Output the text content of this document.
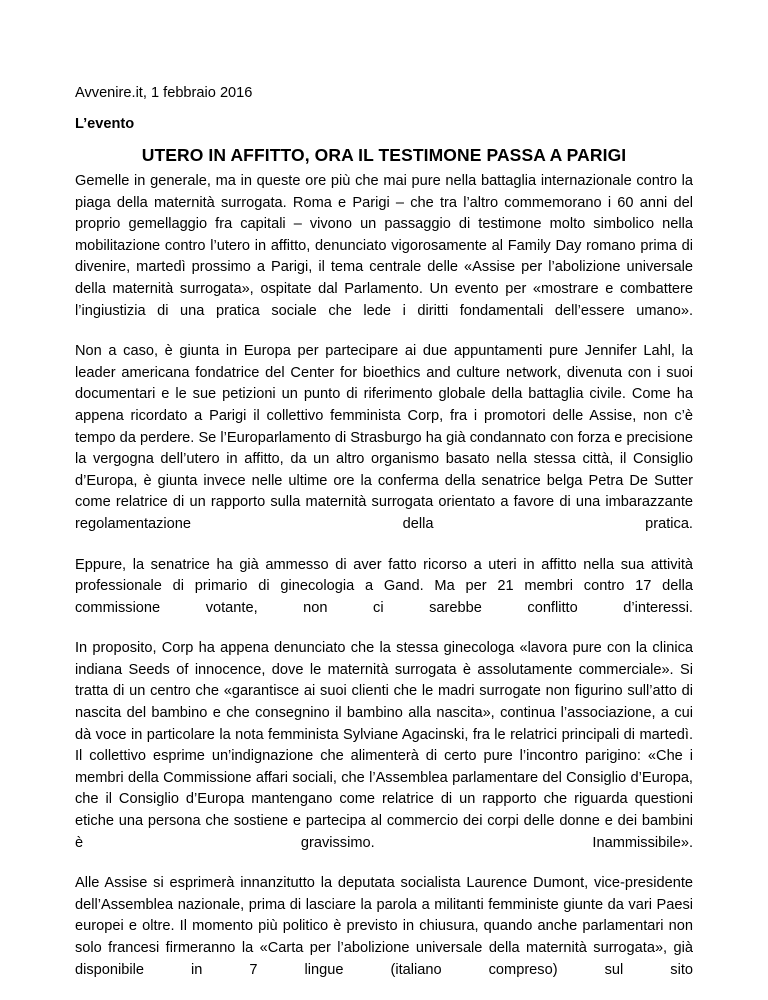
Avvenire.it, 1 febbraio 2016

L’evento

UTERO IN AFFITTO, ORA IL TESTIMONE PASSA A PARIGI

Gemelle in generale, ma in queste ore più che mai pure nella battaglia internazionale contro la piaga della maternità surrogata. Roma e Parigi – che tra l’altro commemorano i 60 anni del proprio gemellaggio fra capitali – vivono un passaggio di testimone molto simbolico nella mobilitazione contro l’utero in affitto, denunciato vigorosamente al Family Day romano prima di divenire, martedì prossimo a Parigi, il tema centrale delle «Assise per l’abolizione universale della maternità surrogata», ospitate dal Parlamento. Un evento per «mostrare e combattere l’ingiustizia di una pratica sociale che lede i diritti fondamentali dell’essere umano».

Non a caso, è giunta in Europa per partecipare ai due appuntamenti pure Jennifer Lahl, la leader americana fondatrice del Center for bioethics and culture network, divenuta con i suoi documentari e le sue petizioni un punto di riferimento globale della battaglia civile. Come ha appena ricordato a Parigi il collettivo femminista Corp, fra i promotori delle Assise, non c’è tempo da perdere. Se l’Europarlamento di Strasburgo ha già condannato con forza e precisione la vergogna dell’utero in affitto, da un altro organismo basato nella stessa città, il Consiglio d’Europa, è giunta invece nelle ultime ore la conferma della senatrice belga Petra De Sutter come relatrice di un rapporto sulla maternità surrogata orientato a favore di una imbarazzante regolamentazione della pratica.

Eppure, la senatrice ha già ammesso di aver fatto ricorso a uteri in affitto nella sua attività professionale di primario di ginecologia a Gand. Ma per 21 membri contro 17 della commissione votante, non ci sarebbe conflitto d’interessi.

In proposito, Corp ha appena denunciato che la stessa ginecologa «lavora pure con la clinica indiana Seeds of innocence, dove le maternità surrogata è assolutamente commerciale». Si tratta di un centro che «garantisce ai suoi clienti che le madri surrogate non figurino sull’atto di nascita del bambino e che consegnino il bambino alla nascita», continua l’associazione, a cui dà voce in particolare la nota femminista Sylviane Agacinski, fra le relatrici principali di martedì. Il collettivo esprime un’indignazione che alimenterà di certo pure l’incontro parigino: «Che i membri della Commissione affari sociali, che l’Assemblea parlamentare del Consiglio d’Europa, che il Consiglio d’Europa mantengano come relatrice di un rapporto che riguarda questioni etiche una persona che sostiene e partecipa al commercio dei corpi delle donne e dei bambini è gravissimo. Inammissibile».

Alle Assise si esprimerà innanzitutto la deputata socialista Laurence Dumont, vice-presidente dell’Assemblea nazionale, prima di lasciare la parola a militanti femministe giunte da vari Paesi europei e oltre. Il momento più politico è previsto in chiusura, quando anche parlamentari non solo francesi firmeranno la «Carta per l’abolizione universale della maternità surrogata», già disponibile in 7 lingue (italiano compreso) sul sito
